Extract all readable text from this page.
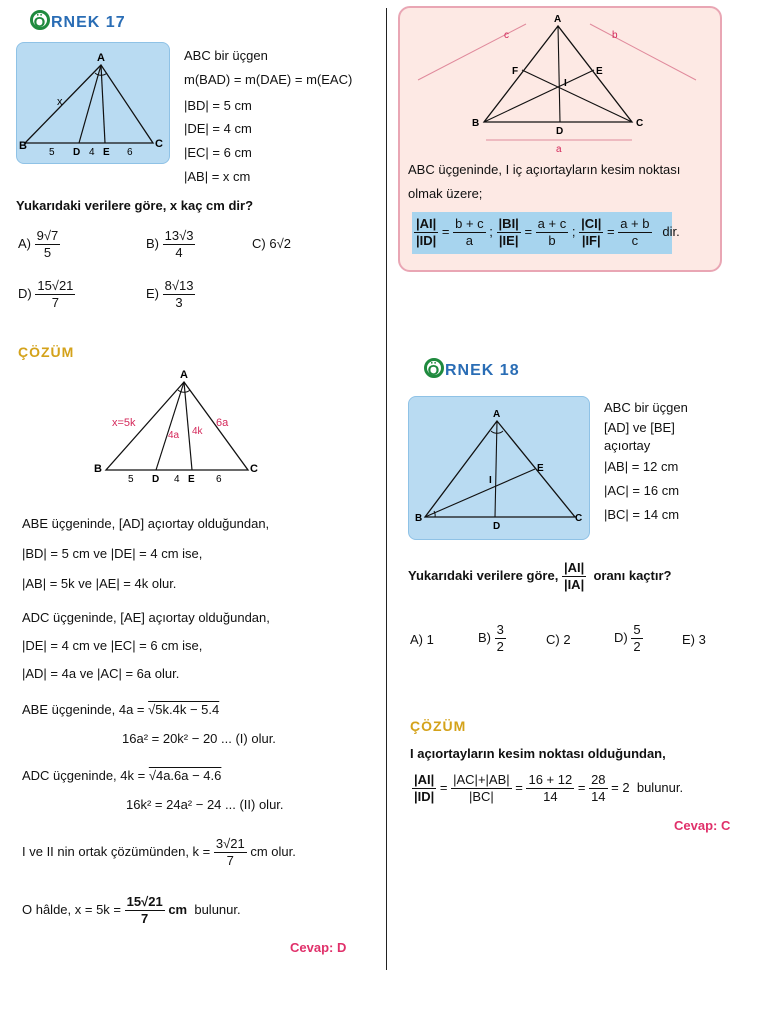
Ö RNEK 17
A
B	C
D E
x
5	4	6
ABC bir üçgen
m(BAD) = m(DAE) = m(EAC)
|BD| = 5 cm
|DE| = 4 cm
|EC| = 6 cm
|AB| = x cm
Yukarıdaki verilere göre, x kaç cm dir?
$A) \frac{9√7}{5}$	$B) \frac{13√3}{4}$	C) 6√2
$D) \frac{15√21}{7}$	$E) \frac{8√13}{3}$
ÇÖZÜM
A
B	C
D	E
x=5k	6a
4a 4k
5	4	6
ABE üçgeninde, [AD] açıortay olduğundan,
|BD| = 5 cm ve |DE| = 4 cm ise,
|AB| = 5k ve |AE| = 4k olur.
ADC üçgeninde, [AE] açıortay olduğundan,
|DE| = 4 cm ve |EC| = 6 cm ise,
|AD| = 4a ve |AC| = 6a olur.
ABE üçgeninde, 4a = √5k.4k − 5.4
16a² = 20k² − 20 ... (I) olur.
ADC üçgeninde, 4k = √4a.6a − 4.6
16k² = 24a² − 24 ... (II) olur.
I ve II nin ortak çözümünden, $k = \frac{3√21}{7}$ cm olur.
O hâlde, $x = 5k = \frac{15√21}{7}$ cm bulunur.
Cevap: D
A
B	C
D
E
F
I
a
b
c
ABC üçgeninde, I iç açıortayların kesim noktası
olmak üzere;
$\frac{|AI|}{|ID|} = \frac{b + c}{a}$ ; $\frac{|BI|}{|IE|} = \frac{a + c}{b}$ ; $\frac{|CI|}{|IF|} = \frac{a + b}{c}$ dir.
Ö RNEK 18
A
B	C
D
E
I
ABC bir üçgen
[AD] ve [BE]
açıortay
|AB| = 12 cm
|AC| = 16 cm
|BC| = 14 cm
Yukarıdaki verilere göre, $\frac{|AI|}{|IA|}$ oranı kaçtır?
A) 1	$B) \frac{3}{2}$	C) 2	$D) \frac{5}{2}$	E) 3
ÇÖZÜM
I açıortayların kesim noktası olduğundan,
$\frac{|AI|}{|ID|} = \frac{|AC|+|AB|}{|BC|} = \frac{16 + 12}{14} = \frac{28}{14} = 2$ bulunur.
Cevap: C
